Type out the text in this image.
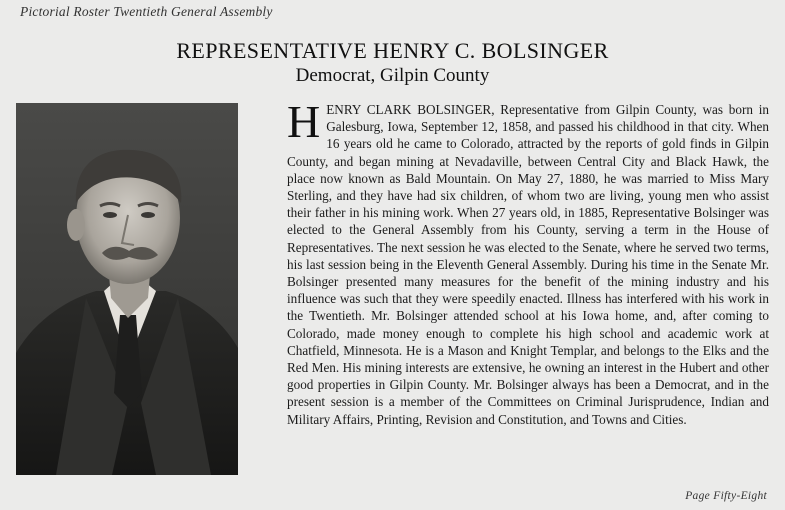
Pictorial Roster Twentieth General Assembly
REPRESENTATIVE HENRY C. BOLSINGER
Democrat, Gilpin County
HENRY CLARK BOLSINGER, Representative from Gilpin County, was born in Galesburg, Iowa, September 12, 1858, and passed his childhood in that city. When 16 years old he came to Colorado, attracted by the reports of gold finds in Gilpin County, and began mining at Nevadaville, between Central City and Black Hawk, the place now known as Bald Mountain. On May 27, 1880, he was married to Miss Mary Sterling, and they have had six children, of whom two are living, young men who assist their father in his mining work. When 27 years old, in 1885, Representative Bolsinger was elected to the General Assembly from his County, serving a term in the House of Representatives. The next session he was elected to the Senate, where he served two terms, his last session being in the Eleventh General Assembly. During his time in the Senate Mr. Bolsinger presented many measures for the benefit of the mining industry and his influence was such that they were speedily enacted. Illness has interfered with his work in the Twentieth. Mr. Bolsinger attended school at his Iowa home, and, after coming to Colorado, made money enough to complete his high school and academic work at Chatfield, Minnesota. He is a Mason and Knight Templar, and belongs to the Elks and the Red Men. His mining interests are extensive, he owning an interest in the Hubert and other good properties in Gilpin County. Mr. Bolsinger always has been a Democrat, and in the present session is a member of the Committees on Criminal Jurisprudence, Indian and Military Affairs, Printing, Revision and Constitution, and Towns and Cities.
Page Fifty-Eight
